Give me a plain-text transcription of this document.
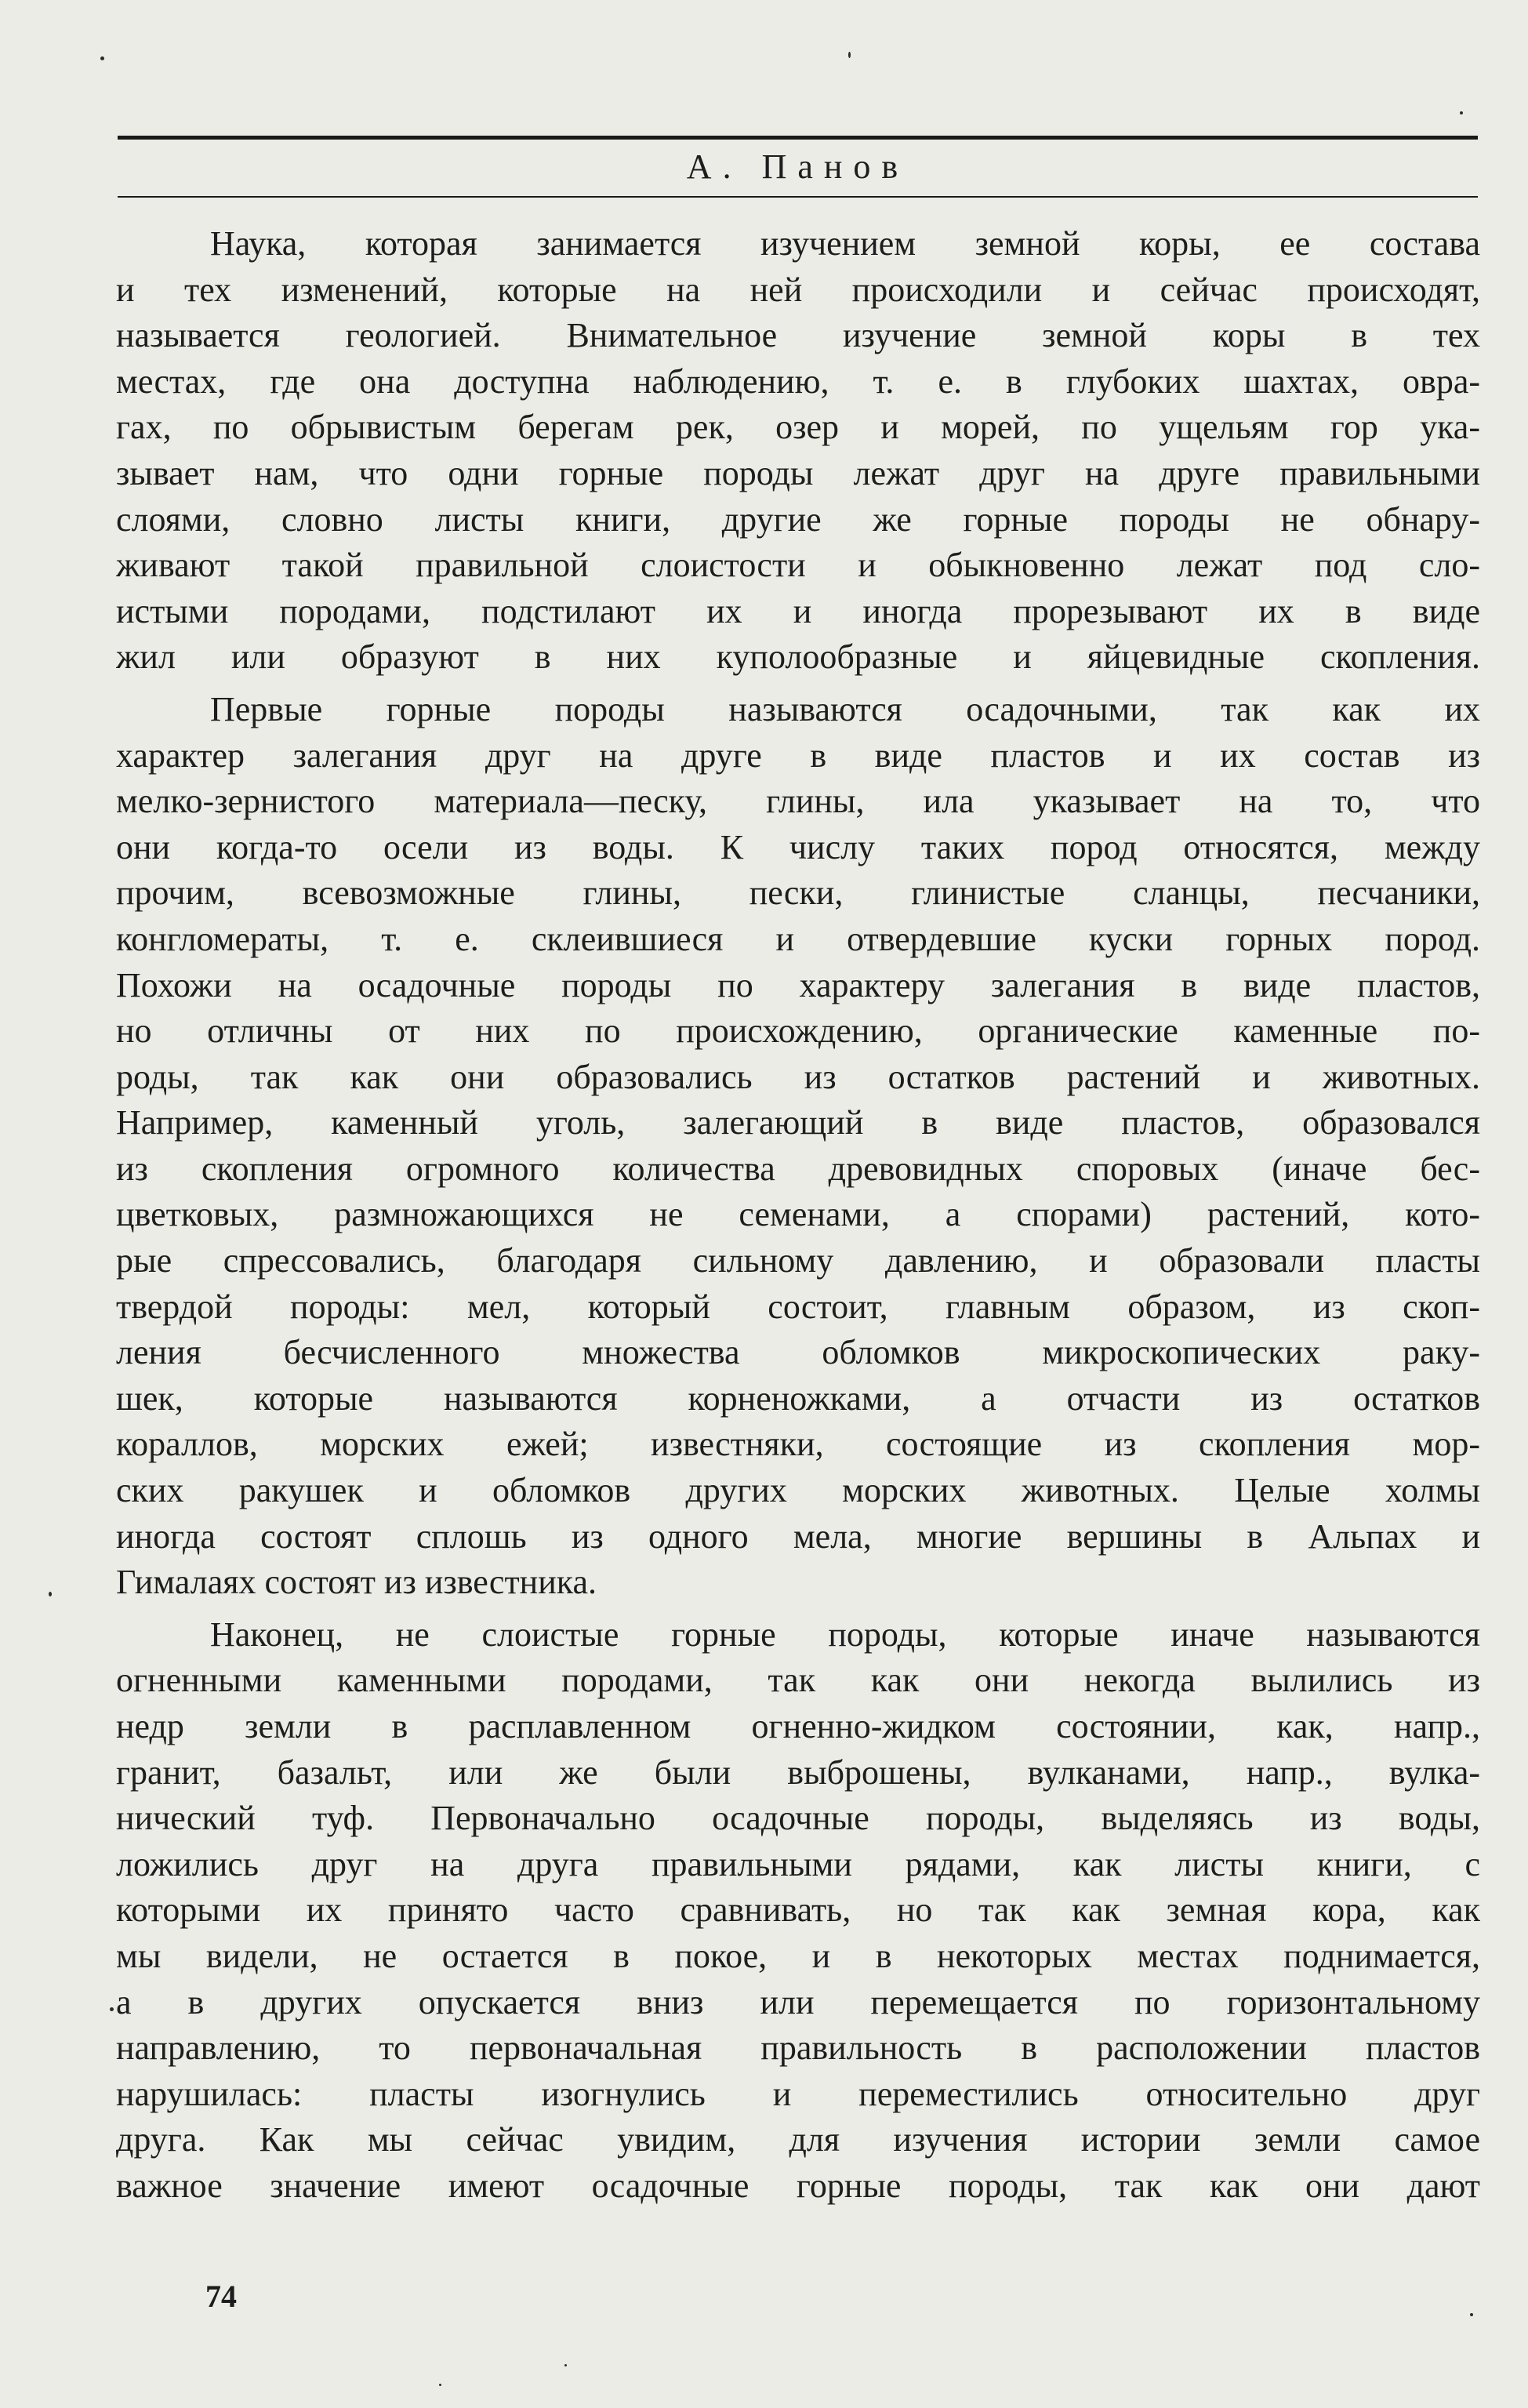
А. Панов
Наука, которая занимается изучением земной коры, ее состава
и тех изменений, которые на ней происходили и сейчас происходят,
называется геологией. Внимательное изучение земной коры в тех
местах, где она доступна наблюдению, т. е. в глубоких шахтах, овра-
гах, по обрывистым берегам рек, озер и морей, по ущельям гор ука-
зывает нам, что одни горные породы лежат друг на друге правильными
слоями, словно листы книги, другие же горные породы не обнару-
живают такой правильной слоистости и обыкновенно лежат под сло-
истыми породами, подстилают их и иногда прорезывают их в виде
жил или образуют в них куполообразные и яйцевидные скопления.
Первые горные породы называются осадочными, так как их
характер залегания друг на друге в виде пластов и их состав из
мелко-зернистого материала—песку, глины, ила указывает на то, что
они когда-то осели из воды. К числу таких пород относятся, между
прочим, всевозможные глины, пески, глинистые сланцы, песчаники,
конгломераты, т. е. склеившиеся и отвердевшие куски горных пород.
Похожи на осадочные породы по характеру залегания в виде пластов,
но отличны от них по происхождению, органические каменные по-
роды, так как они образовались из остатков растений и животных.
Например, каменный уголь, залегающий в виде пластов, образовался
из скопления огромного количества древовидных споровых (иначе бес-
цветковых, размножающихся не семенами, а спорами) растений, кото-
рые спрессовались, благодаря сильному давлению, и образовали пласты
твердой породы: мел, который состоит, главным образом, из скоп-
ления бесчисленного множества обломков микроскопических раку-
шек, которые называются корненожками, а отчасти из остатков
кораллов, морских ежей; известняки, состоящие из скопления мор-
ских ракушек и обломков других морских животных. Целые холмы
иногда состоят сплошь из одного мела, многие вершины в Альпах и
Гималаях состоят из известника.
Наконец, не слоистые горные породы, которые иначе называются
огненными каменными породами, так как они некогда вылились из
недр земли в расплавленном огненно-жидком состоянии, как, напр.,
гранит, базальт, или же были выброшены, вулканами, напр., вулка-
нический туф. Первоначально осадочные породы, выделяясь из воды,
ложились друг на друга правильными рядами, как листы книги, с
которыми их принято часто сравнивать, но так как земная кора, как
мы видели, не остается в покое, и в некоторых местах поднимается,
а в других опускается вниз или перемещается по горизонтальному
направлению, то первоначальная правильность в расположении пластов
нарушилась: пласты изогнулись и переместились относительно друг
друга. Как мы сейчас увидим, для изучения истории земли самое
важное значение имеют осадочные горные породы, так как они дают
74
